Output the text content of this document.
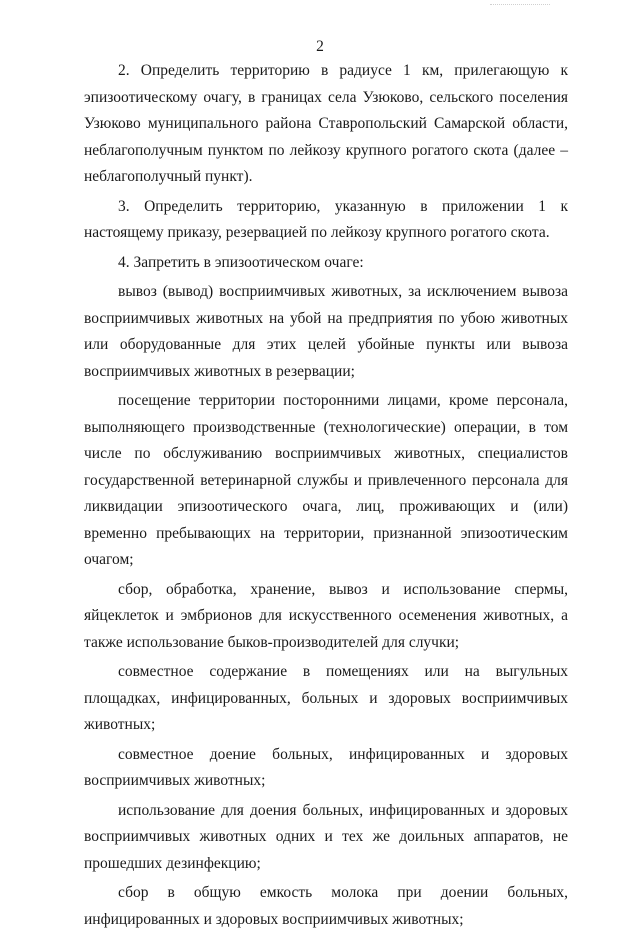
2

2. Определить территорию в радиусе 1 км, прилегающую к эпизоотическому очагу, в границах села Узюково, сельского поселения Узюково муниципального района Ставропольский Самарской области, неблагополучным пунктом по лейкозу крупного рогатого скота (далее – неблагополучный пункт).

3. Определить территорию, указанную в приложении 1 к настоящему приказу, резервацией по лейкозу крупного рогатого скота.

4. Запретить в эпизоотическом очаге:

вывоз (вывод) восприимчивых животных, за исключением вывоза восприимчивых животных на убой на предприятия по убою животных или оборудованные для этих целей убойные пункты или вывоза восприимчивых животных в резервации;

посещение территории посторонними лицами, кроме персонала, выполняющего производственные (технологические) операции, в том числе по обслуживанию восприимчивых животных, специалистов государственной ветеринарной службы и привлеченного персонала для ликвидации эпизоотического очага, лиц, проживающих и (или) временно пребывающих на территории, признанной эпизоотическим очагом;

сбор, обработка, хранение, вывоз и использование спермы, яйцеклеток и эмбрионов для искусственного осеменения животных, а также использование быков-производителей для случки;

совместное содержание в помещениях или на выгульных площадках, инфицированных, больных и здоровых восприимчивых животных;

совместное доение больных, инфицированных и здоровых восприимчивых животных;

использование для доения больных, инфицированных и здоровых восприимчивых животных одних и тех же доильных аппаратов, не прошедших дезинфекцию;

сбор в общую емкость молока при доении больных, инфицированных и здоровых восприимчивых животных;
